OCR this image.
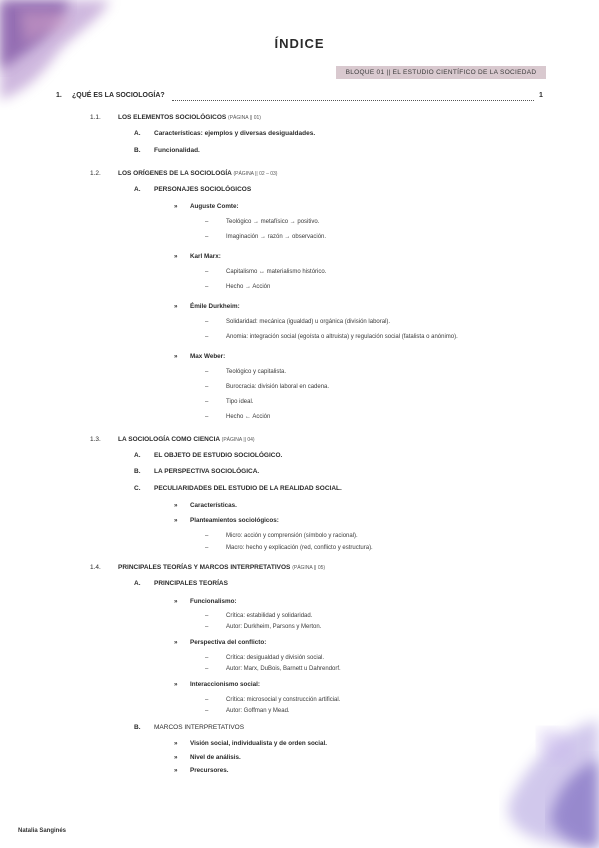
ÍNDICE
BLOQUE 01 || EL ESTUDIO CIENTÍFICO DE LA SOCIEDAD
1. ¿QUÉ ES LA SOCIOLOGÍA?	1
1.1.	LOS ELEMENTOS SOCIOLÓGICOS (PÁGINA || 01)
A. Características: ejemplos y diversas desigualdades.
B. Funcionalidad.
1.2.	LOS ORÍGENES DE LA SOCIOLOGÍA (PÁGINA || 02 – 03)
A. PERSONAJES SOCIOLÓGICOS
» Auguste Comte:
–	Teológico → metafísico → positivo.
–	Imaginación → razón → observación.
» Karl Marx:
–	Capitalismo ↔ materialismo histórico.
–	Hecho → Acción
» Émile Durkheim:
–	Solidaridad: mecánica (igualdad) u orgánica (división laboral).
–	Anomia: integración social (egoísta o altruista) y regulación social (fatalista o anónimo).
» Max Weber:
–	Teológico y capitalista.
–	Burocracia: división laboral en cadena.
–	Tipo ideal.
–	Hecho ← Acción
1.3.	LA SOCIOLOGÍA COMO CIENCIA (PÁGINA || 04)
A. EL OBJETO DE ESTUDIO SOCIOLÓGICO.
B. LA PERSPECTIVA SOCIOLÓGICA.
C. PECULIARIDADES DEL ESTUDIO DE LA REALIDAD SOCIAL.
» Características.
» Planteamientos sociológicos:
–	Micro: acción y comprensión (símbolo y racional).
–	Macro: hecho y explicación (red, conflicto y estructura).
1.4.	PRINCIPALES TEORÍAS Y MARCOS INTERPRETATIVOS (PÁGINA || 05)
A. PRINCIPALES TEORÍAS
» Funcionalismo:
–	Crítica: estabilidad y solidaridad.
–	Autor: Durkheim, Parsons y Merton.
» Perspectiva del conflicto:
–	Crítica: desigualdad y división social.
–	Autor: Marx, DuBois, Barnett u Dahrendorf.
» Interaccionismo social:
–	Crítica: microsocial y construcción artificial.
–	Autor: Goffman y Mead.
B. MARCOS INTERPRETATIVOS
» Visión social, individualista y de orden social.
» Nivel de análisis.
» Precursores.
Natalia Sanginés
